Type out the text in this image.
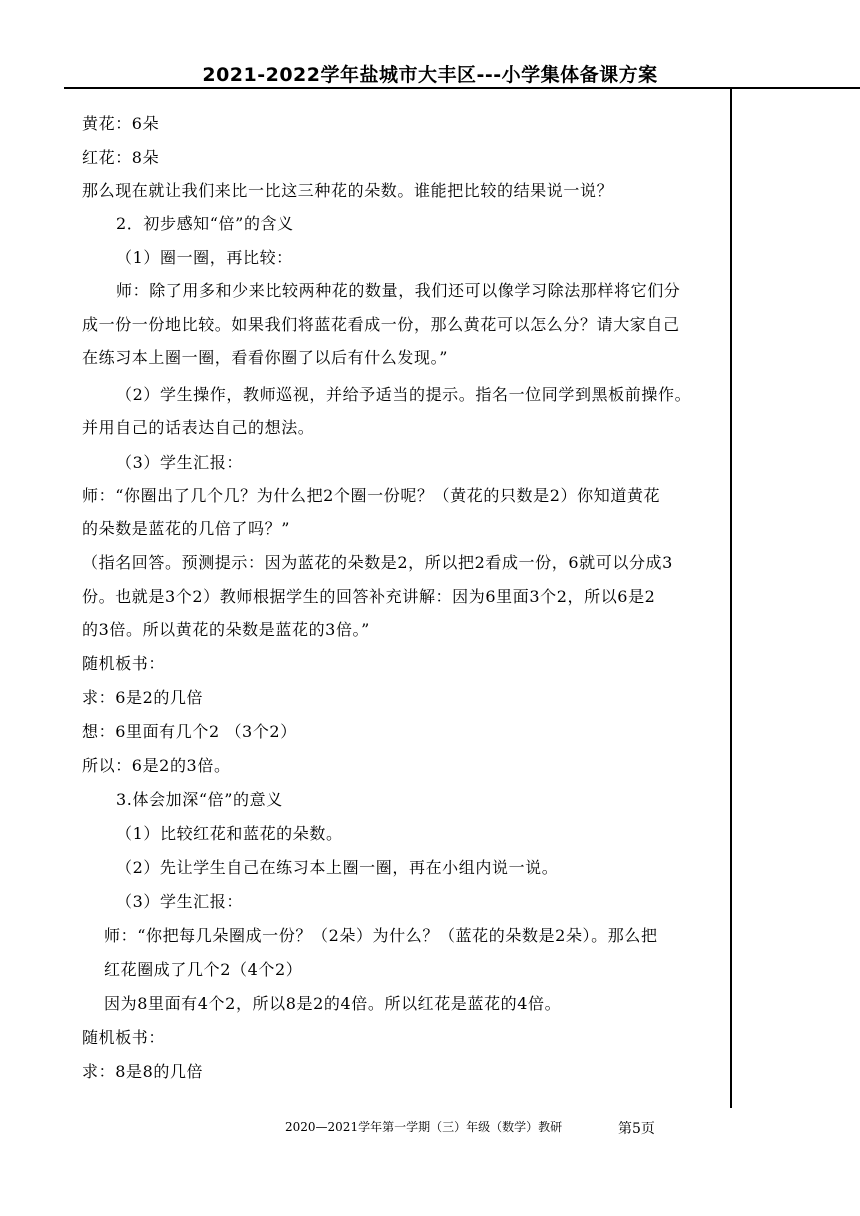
2021-2022学年盐城市大丰区---小学集体备课方案
黄花：6朵
红花：8朵
那么现在就让我们来比一比这三种花的朵数。谁能把比较的结果说一说？
2．初步感知“倍”的含义
（1）圈一圈，再比较：
师：除了用多和少来比较两种花的数量，我们还可以像学习除法那样将它们分
成一份一份地比较。如果我们将蓝花看成一份，那么黄花可以怎么分？请大家自己
在练习本上圈一圈，看看你圈了以后有什么发现。”
（2）学生操作，教师巡视，并给予适当的提示。指名一位同学到黑板前操作。
并用自己的话表达自己的想法。
（3）学生汇报：
师：“你圈出了几个几？为什么把2个圈一份呢？（黄花的只数是2）你知道黄花
的朵数是蓝花的几倍了吗？”
（指名回答。预测提示：因为蓝花的朵数是2，所以把2看成一份，6就可以分成3
份。也就是3个2）教师根据学生的回答补充讲解：因为6里面3个2，所以6是2
的3倍。所以黄花的朵数是蓝花的3倍。”
随机板书：
求：6是2的几倍
想：6里面有几个2 （3个2）
所以：6是2的3倍。
3.体会加深“倍”的意义
（1）比较红花和蓝花的朵数。
（2）先让学生自己在练习本上圈一圈，再在小组内说一说。
（3）学生汇报：
师：“你把每几朵圈成一份？（2朵）为什么？（蓝花的朵数是2朵）。那么把
红花圈成了几个2（4个2）
因为8里面有4个2，所以8是2的4倍。所以红花是蓝花的4倍。
随机板书：
求：8是8的几倍
2020—2021学年第一学期（三）年级（数学）教研	第5页
